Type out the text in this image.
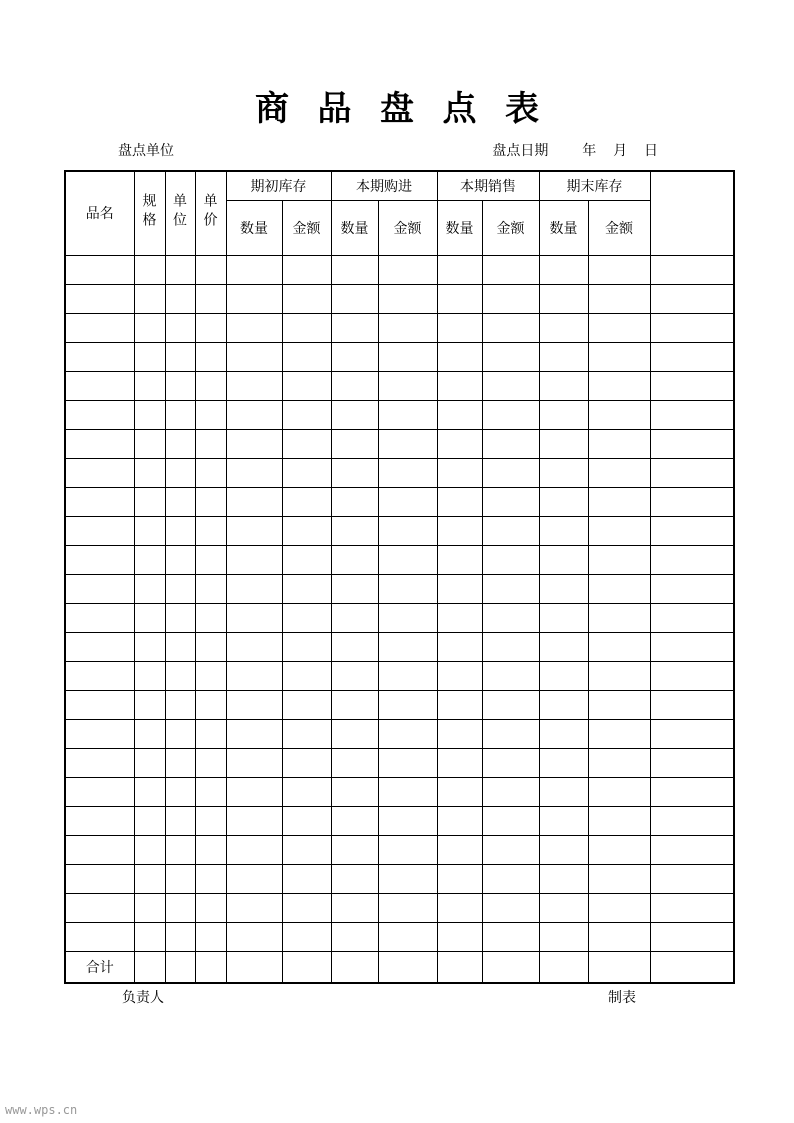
商 品 盘 点 表
盘点单位	盘点日期 年 月 日
品名	规格	单位	单价	期初库存		本期购进		本期销售		期末库存		
				数量	金额	数量	金额	数量	金额	数量	金额	

合计												
负责人	制表
www.wps.cn
